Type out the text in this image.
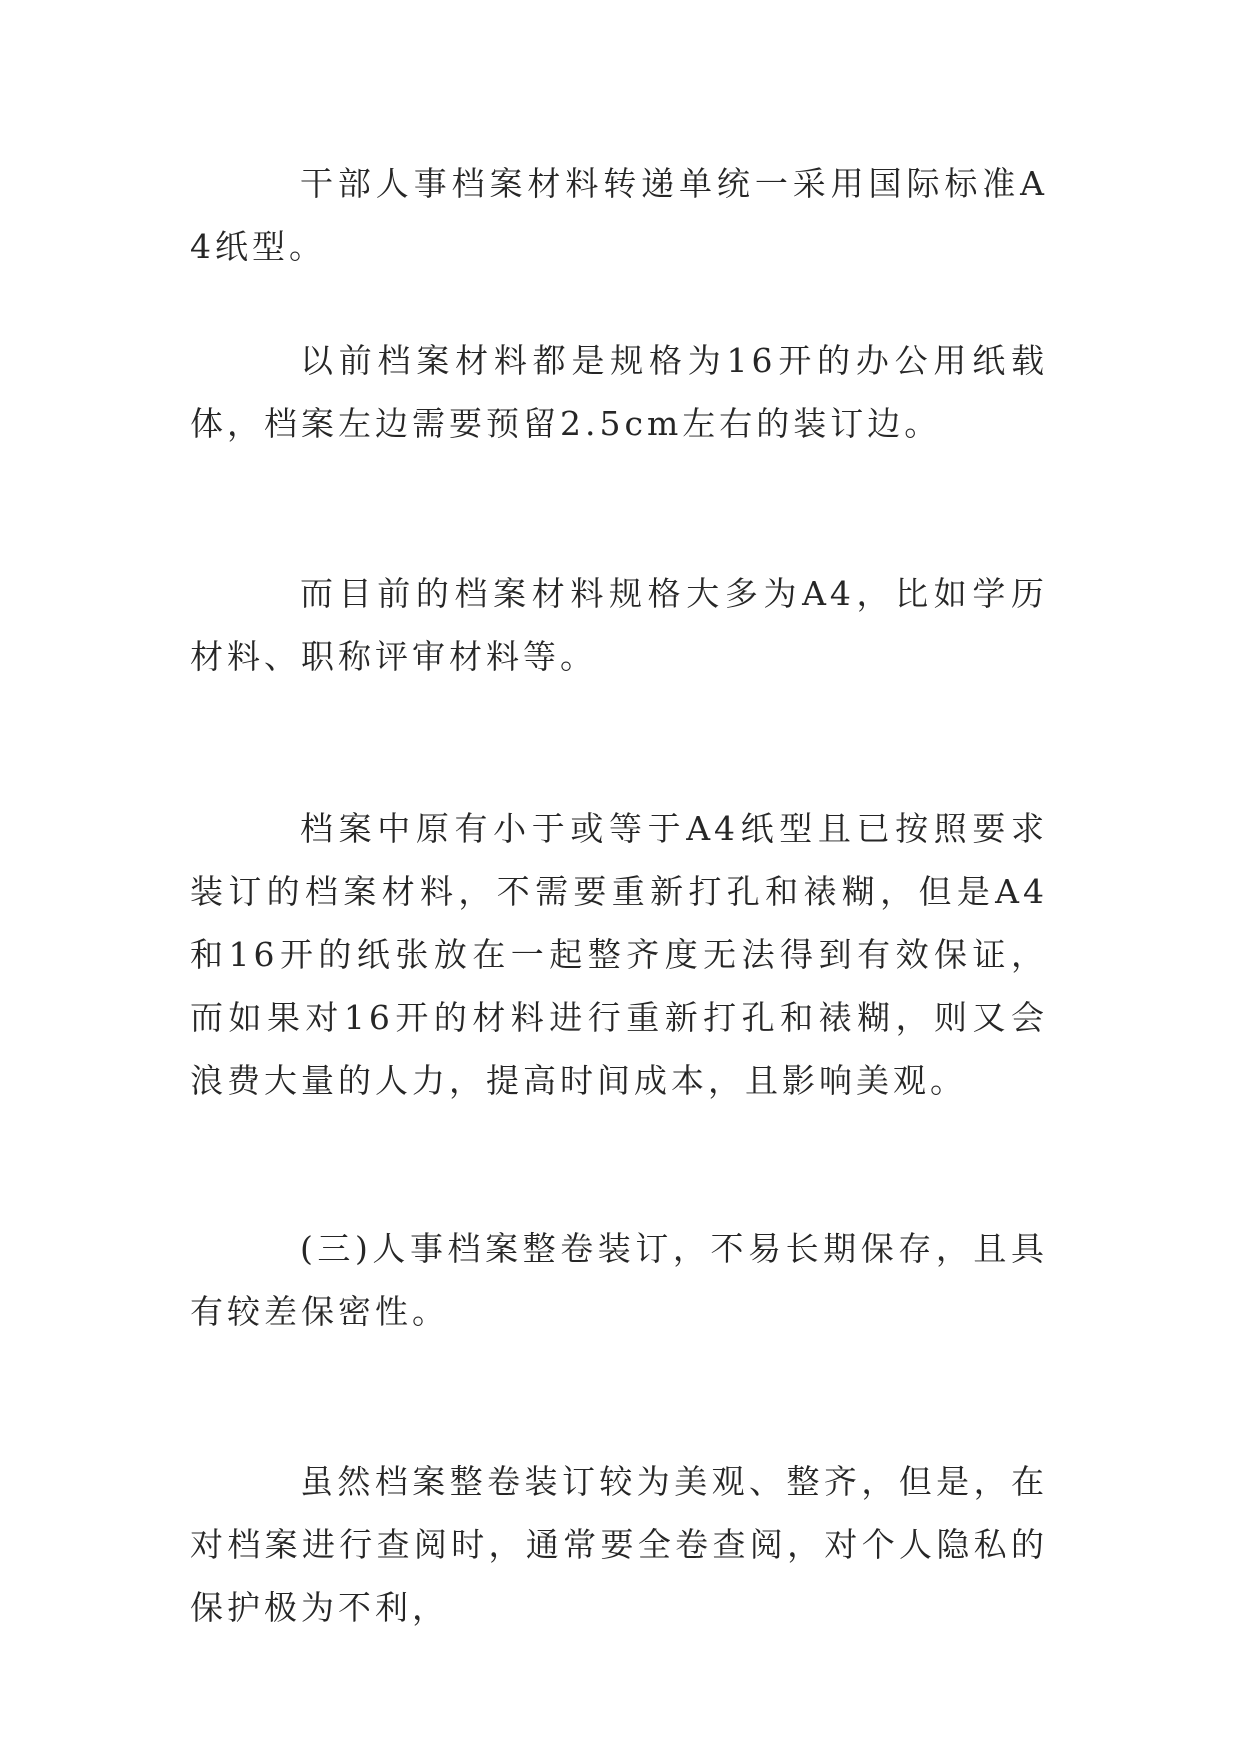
干部人事档案材料转递单统一采用国际标准A4纸型。

以前档案材料都是规格为16开的办公用纸载体，档案左边需要预留2.5cm左右的装订边。

而目前的档案材料规格大多为A4，比如学历材料、职称评审材料等。

档案中原有小于或等于A4纸型且已按照要求装订的档案材料，不需要重新打孔和裱糊，但是A4和16开的纸张放在一起整齐度无法得到有效保证，而如果对16开的材料进行重新打孔和裱糊，则又会浪费大量的人力，提高时间成本，且影响美观。

(三)人事档案整卷装订，不易长期保存，且具有较差保密性。

虽然档案整卷装订较为美观、整齐，但是，在对档案进行查阅时，通常要全卷查阅，对个人隐私的保护极为不利，
